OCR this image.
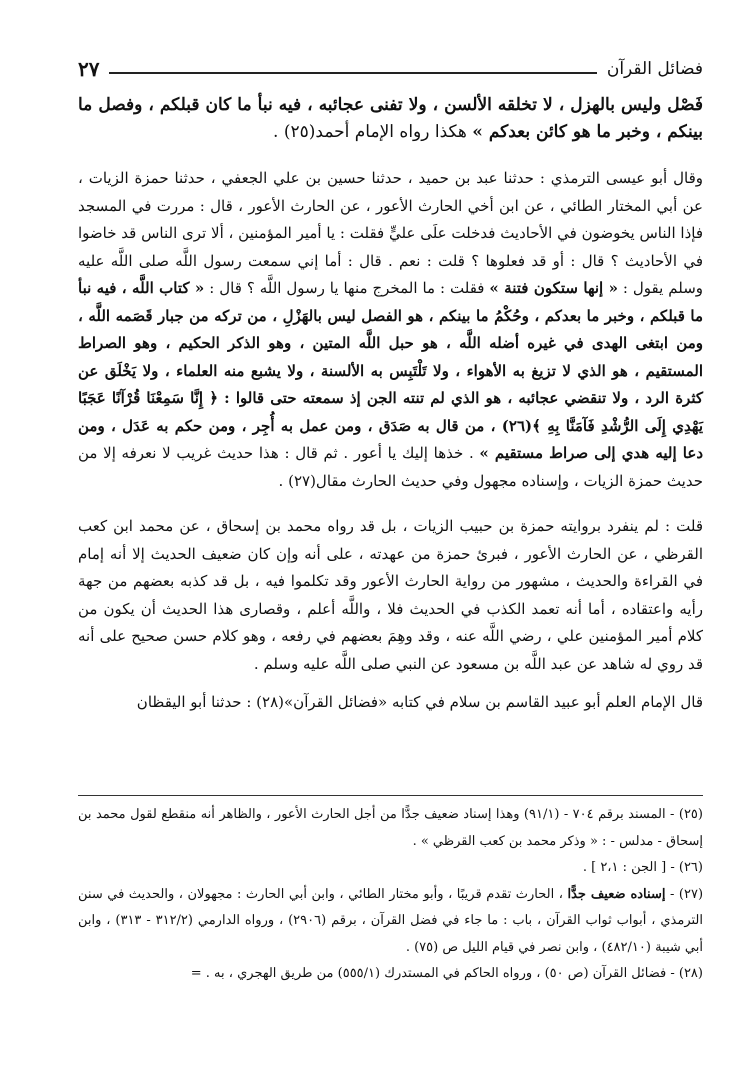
فضائل القرآن
٢٧

فَصْل وليس بالهزل ، لا تخلقه الألسن ، ولا تفنى عجائبه ، فيه نبأ ما كان قبلكم ، وفصل ما بينكم ، وخبر ما هو كائن بعدكم » هكذا رواه الإمام أحمد(٢٥) .

وقال أبو عيسى الترمذي : حدثنا عبد بن حميد ، حدثنا حسين بن علي الجعفي ، حدثنا حمزة الزيات ، عن أبي المختار الطائي ، عن ابن أخي الحارث الأعور ، عن الحارث الأعور ، قال : مررت في المسجد فإذا الناس يخوضون في الأحاديث فدخلت علَى عليٍّ فقلت : يا أمير المؤمنين ، ألا ترى الناس قد خاضوا في الأحاديث ؟ قال : أو قد فعلوها ؟ قلت : نعم . قال : أما إني سمعت رسول اللَّه صلى اللَّه عليه وسلم يقول : « إنها ستكون فتنة » فقلت : ما المخرج منها يا رسول اللَّه ؟ قال : « كتاب اللَّه ، فيه نبأ ما قبلكم ، وخبر ما بعدكم ، وحُكْمُ ما بينكم ، هو الفصل ليس بالهَزْلِ ، من تركه من جبار قَصَمه اللَّه ، ومن ابتغى الهدى في غيره أضله اللَّه ، هو حبل اللَّه المتين ، وهو الذكر الحكيم ، وهو الصراط المستقيم ، هو الذي لا تزيغ به الأهواء ، ولا تَلْتَبِس به الألسنة ، ولا يشبع منه العلماء ، ولا يَخْلَق عن كثرة الرد ، ولا تنقضي عجائبه ، هو الذي لم تنته الجن إذ سمعته حتى قالوا : ﴿ إِنَّا سَمِعْنَا قُرْآنًا عَجَبًا يَهْدِي إِلَى الرُّشْدِ فَآمَنَّا بِهِ ﴾(٢٦) ، من قال به صَدَق ، ومن عمل به أُجِر ، ومن حكم به عَدَل ، ومن دعا إليه هدي إلى صراط مستقيم » . خذها إليك يا أعور . ثم قال : هذا حديث غريب لا نعرفه إلا من حديث حمزة الزيات ، وإسناده مجهول وفي حديث الحارث مقال(٢٧) .

قلت : لم ينفرد بروايته حمزة بن حبيب الزيات ، بل قد رواه محمد بن إسحاق ، عن محمد ابن كعب القرظي ، عن الحارث الأعور ، فبرئ حمزة من عهدته ، على أنه وإن كان ضعيف الحديث إلا أنه إمام في القراءة والحديث ، مشهور من رواية الحارث الأعور وقد تكلموا فيه ، بل قد كذبه بعضهم من جهة رأيه واعتقاده ، أما أنه تعمد الكذب في الحديث فلا ، واللَّه أعلم ، وقصارى هذا الحديث أن يكون من كلام أمير المؤمنين علي ، رضي اللَّه عنه ، وقد وهِمَ بعضهم في رفعه ، وهو كلام حسن صحيح على أنه قد روي له شاهد عن عبد اللَّه بن مسعود عن النبي صلى اللَّه عليه وسلم .

قال الإمام العلم أبو عبيد القاسم بن سلام في كتابه «فضائل القرآن»(٢٨) : حدثنا أبو اليقظان

(٢٥) - المسند برقم ٧٠٤ - (٩١/١) وهذا إسناد ضعيف جدًّا من أجل الحارث الأعور ، والظاهر أنه منقطع لقول محمد بن إسحاق - مدلس - : « وذكر محمد بن كعب القرظي » .

(٢٦) - [ الجن : ٢،١ ] .

(٢٧) - إسناده ضعيف جدًّا ، الحارث تقدم قريبًا ، وأبو مختار الطائي ، وابن أبي الحارث : مجهولان ، والحديث في سنن الترمذي ، أبواب ثواب القرآن ، باب : ما جاء في فضل القرآن ، برقم (٢٩٠٦) ، ورواه الدارمي (٣١٢/٢ - ٣١٣) ، وابن أبي شيبة (٤٨٢/١٠) ، وابن نصر في قيام الليل ص (٧٥) .

(٢٨) - فضائل القرآن (ص ٥٠) ، ورواه الحاكم في المستدرك (٥٥٥/١) من طريق الهجري ، به . =
